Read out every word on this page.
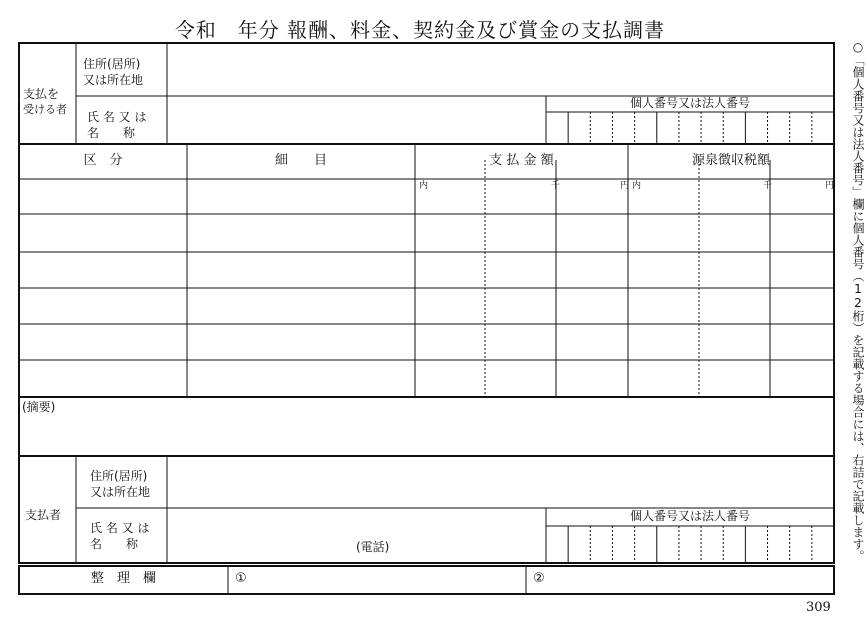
令和　年分 報酬、料金、契約金及び賞金の支払調書
支払を
受ける者
住所(居所)
又は所在地
氏 名 又 は
名　　称
個人番号又は法人番号
区　分	細　　目	支 払 金 額	源泉徴収税額
内	千	円 内	千	円
(摘要)
支払者
住所(居所)
又は所在地
氏 名 又 は
名　　称	(電話)
個人番号又は法人番号
整　理　欄	①	②
○「個人番号又は法人番号」欄に個人番号（12桁）を記載する場合には、右詰で記載します。
309
